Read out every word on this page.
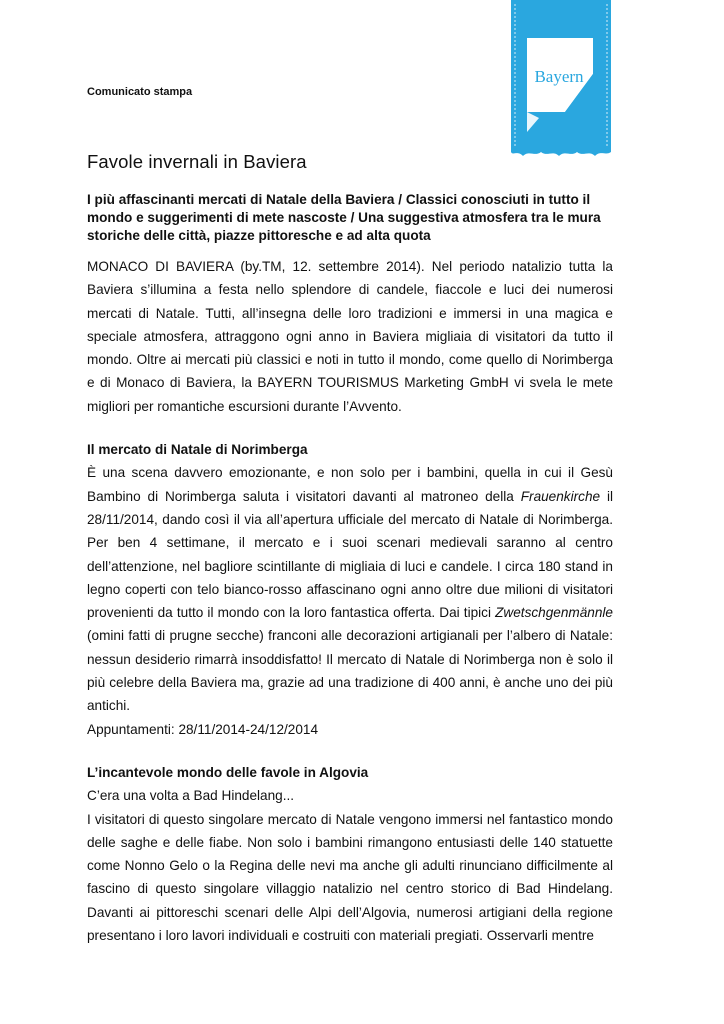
Comunicato stampa
Bayern ®
Favole invernali in Baviera

I più affascinanti mercati di Natale della Baviera / Classici conosciuti in tutto il mondo e suggerimenti di mete nascoste / Una suggestiva atmosfera tra le mura storiche delle città, piazze pittoresche e ad alta quota

MONACO DI BAVIERA (by.TM, 12. settembre 2014). Nel periodo natalizio tutta la Baviera s’illumina a festa nello splendore di candele, fiaccole e luci dei numerosi mercati di Natale. Tutti, all’insegna delle loro tradizioni e immersi in una magica e speciale atmosfera, attraggono ogni anno in Baviera migliaia di visitatori da tutto il mondo. Oltre ai mercati più classici e noti in tutto il mondo, come quello di Norimberga e di Monaco di Baviera, la BAYERN TOURISMUS Marketing GmbH vi svela le mete migliori per romantiche escursioni durante l’Avvento.

Il mercato di Natale di Norimberga

È una scena davvero emozionante, e non solo per i bambini, quella in cui il Gesù Bambino di Norimberga saluta i visitatori davanti al matroneo della Frauenkirche il 28/11/2014, dando così il via all’apertura ufficiale del mercato di Natale di Norimberga. Per ben 4 settimane, il mercato e i suoi scenari medievali saranno al centro dell’attenzione, nel bagliore scintillante di migliaia di luci e candele. I circa 180 stand in legno coperti con telo bianco-rosso affascinano ogni anno oltre due milioni di visitatori provenienti da tutto il mondo con la loro fantastica offerta. Dai tipici Zwetschgenmännle (omini fatti di prugne secche) franconi alle decorazioni artigianali per l’albero di Natale: nessun desiderio rimarrà insoddisfatto! Il mercato di Natale di Norimberga non è solo il più celebre della Baviera ma, grazie ad una tradizione di 400 anni, è anche uno dei più antichi.

Appuntamenti: 28/11/2014-24/12/2014

L’incantevole mondo delle favole in Algovia

C’era una volta a Bad Hindelang...

I visitatori di questo singolare mercato di Natale vengono immersi nel fantastico mondo delle saghe e delle fiabe. Non solo i bambini rimangono entusiasti delle 140 statuette come Nonno Gelo o la Regina delle nevi ma anche gli adulti rinunciano difficilmente al fascino di questo singolare villaggio natalizio nel centro storico di Bad Hindelang. Davanti ai pittoreschi scenari delle Alpi dell’Algovia, numerosi artigiani della regione presentano i loro lavori individuali e costruiti con materiali pregiati. Osservarli mentre
